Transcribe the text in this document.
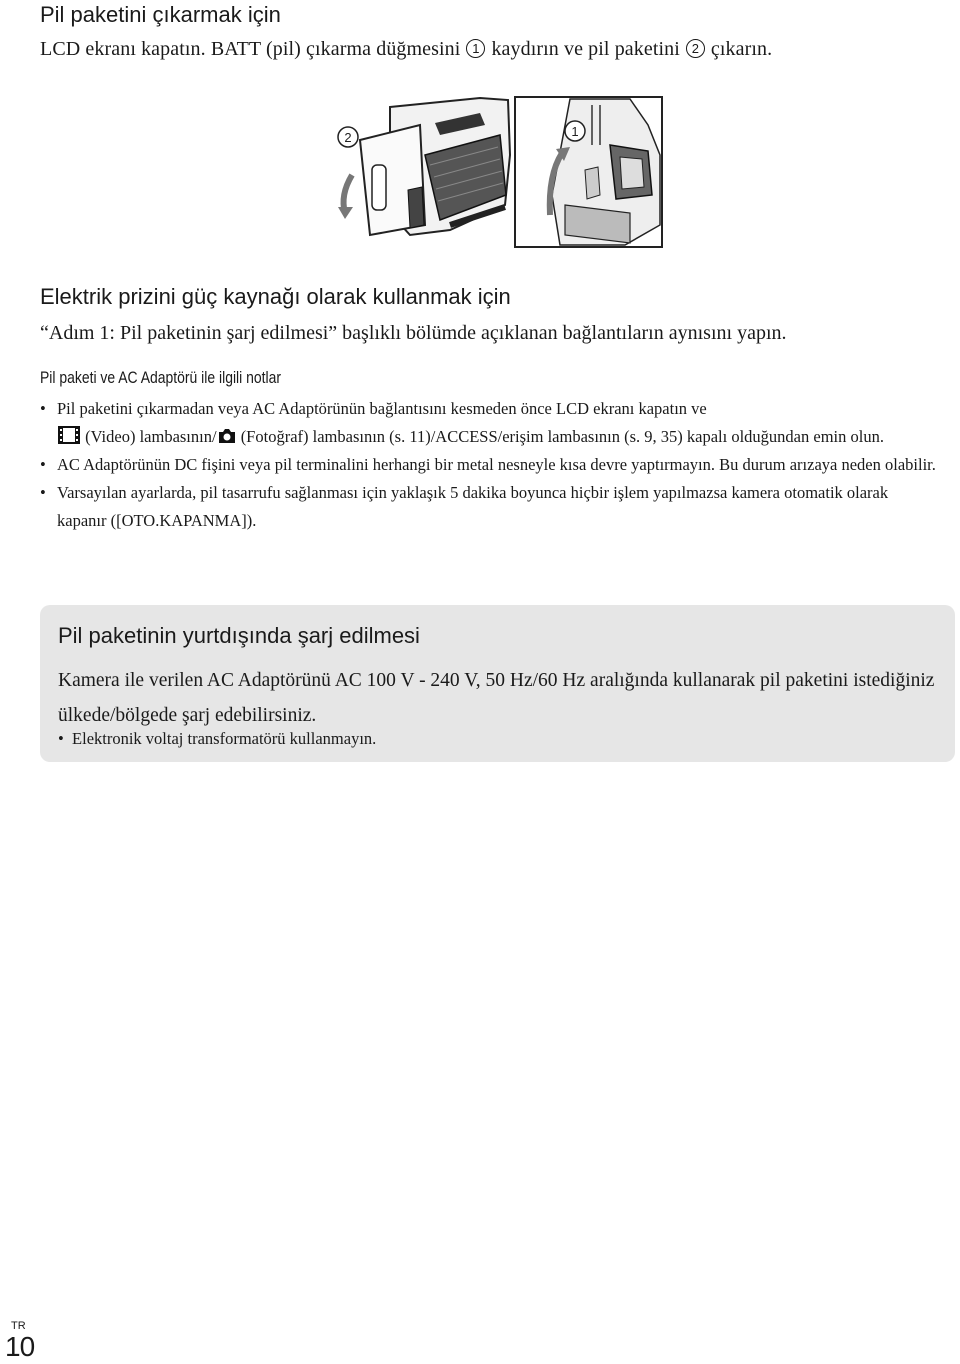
Pil paketini çıkarmak için
LCD ekranı kapatın. BATT (pil) çıkarma düğmesini 1 kaydırın ve pil paketini 2 çıkarın.
2	1
Elektrik prizini güç kaynağı olarak kullanmak için
“Adım 1: Pil paketinin şarj edilmesi” başlıklı bölümde açıklanan bağlantıların aynısını yapın.
Pil paketi ve AC Adaptörü ile ilgili notlar
• Pil paketini çıkarmadan veya AC Adaptörünün bağlantısını kesmeden önce LCD ekranı kapatın ve
(Video) lambasının/ (Fotoğraf) lambasının (s. 11)/ACCESS/erişim lambasının (s. 9, 35) kapalı olduğundan emin olun.
• AC Adaptörünün DC fişini veya pil terminalini herhangi bir metal nesneyle kısa devre yaptırmayın. Bu durum arızaya neden olabilir.
• Varsayılan ayarlarda, pil tasarrufu sağlanması için yaklaşık 5 dakika boyunca hiçbir işlem yapılmazsa kamera otomatik olarak kapanır ([OTO.KAPANMA]).
Pil paketinin yurtdışında şarj edilmesi
Kamera ile verilen AC Adaptörünü AC 100 V - 240 V, 50 Hz/60 Hz aralığında kullanarak pil paketini istediğiniz ülkede/bölgede şarj edebilirsiniz.
• Elektronik voltaj transformatörü kullanmayın.
TR
10
